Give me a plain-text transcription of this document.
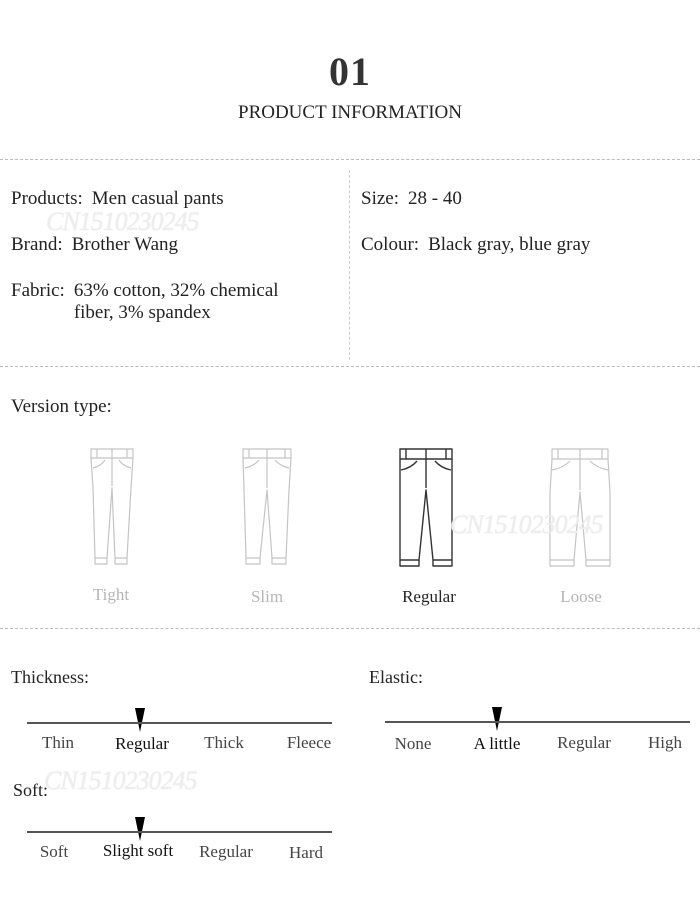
01
PRODUCT INFORMATION
Products: Men casual pants
Brand: Brother Wang
Fabric: 63% cotton, 32% chemical
fiber, 3% spandex
Size: 28 - 40
Colour: Black gray, blue gray
CN1510230245
Version type:
Tight	Slim	Regular	Loose
CN1510230245
Thickness:
Thin	Regular	Thick	Fleece
Elastic:
None	A little	Regular	High
CN1510230245
Soft:
Soft	Slight soft	Regular	Hard
